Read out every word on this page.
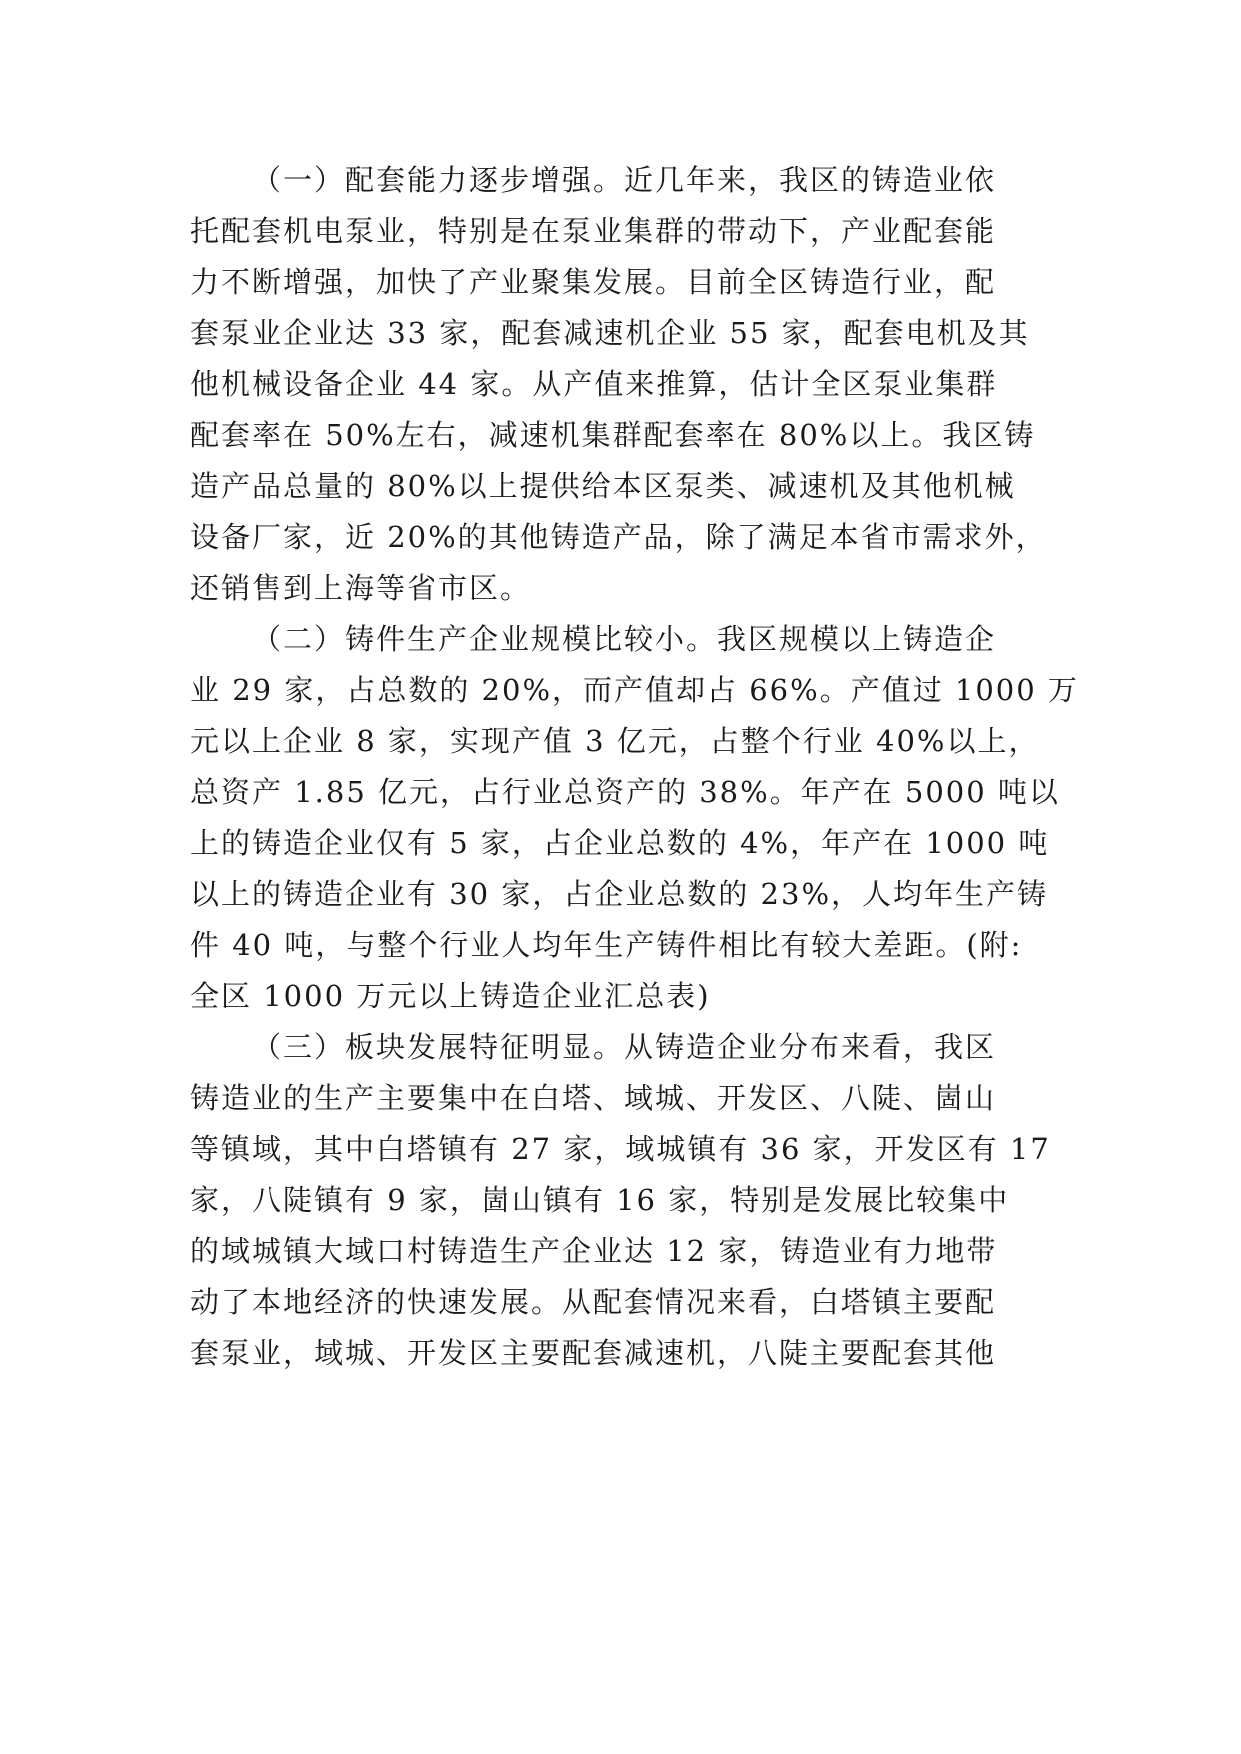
（一）配套能力逐步增强。近几年来，我区的铸造业依
托配套机电泵业，特别是在泵业集群的带动下，产业配套能
力不断增强，加快了产业聚集发展。目前全区铸造行业，配
套泵业企业达 33 家，配套减速机企业 55 家，配套电机及其
他机械设备企业 44 家。从产值来推算，估计全区泵业集群
配套率在 50%左右，减速机集群配套率在 80%以上。我区铸
造产品总量的 80%以上提供给本区泵类、减速机及其他机械
设备厂家，近 20%的其他铸造产品，除了满足本省市需求外，
还销售到上海等省市区。

（二）铸件生产企业规模比较小。我区规模以上铸造企
业 29 家，占总数的 20%，而产值却占 66%。产值过 1000 万
元以上企业 8 家，实现产值 3 亿元，占整个行业 40%以上，
总资产 1.85 亿元，占行业总资产的 38%。年产在 5000 吨以
上的铸造企业仅有 5 家，占企业总数的 4%，年产在 1000 吨
以上的铸造企业有 30 家，占企业总数的 23%，人均年生产铸
件 40 吨，与整个行业人均年生产铸件相比有较大差距。(附:
全区 1000 万元以上铸造企业汇总表)

（三）板块发展特征明显。从铸造企业分布来看，我区
铸造业的生产主要集中在白塔、域城、开发区、八陡、崮山
等镇域，其中白塔镇有 27 家，域城镇有 36 家，开发区有 17
家，八陡镇有 9 家，崮山镇有 16 家，特别是发展比较集中
的域城镇大域口村铸造生产企业达 12 家，铸造业有力地带
动了本地经济的快速发展。从配套情况来看，白塔镇主要配
套泵业，域城、开发区主要配套减速机，八陡主要配套其他
